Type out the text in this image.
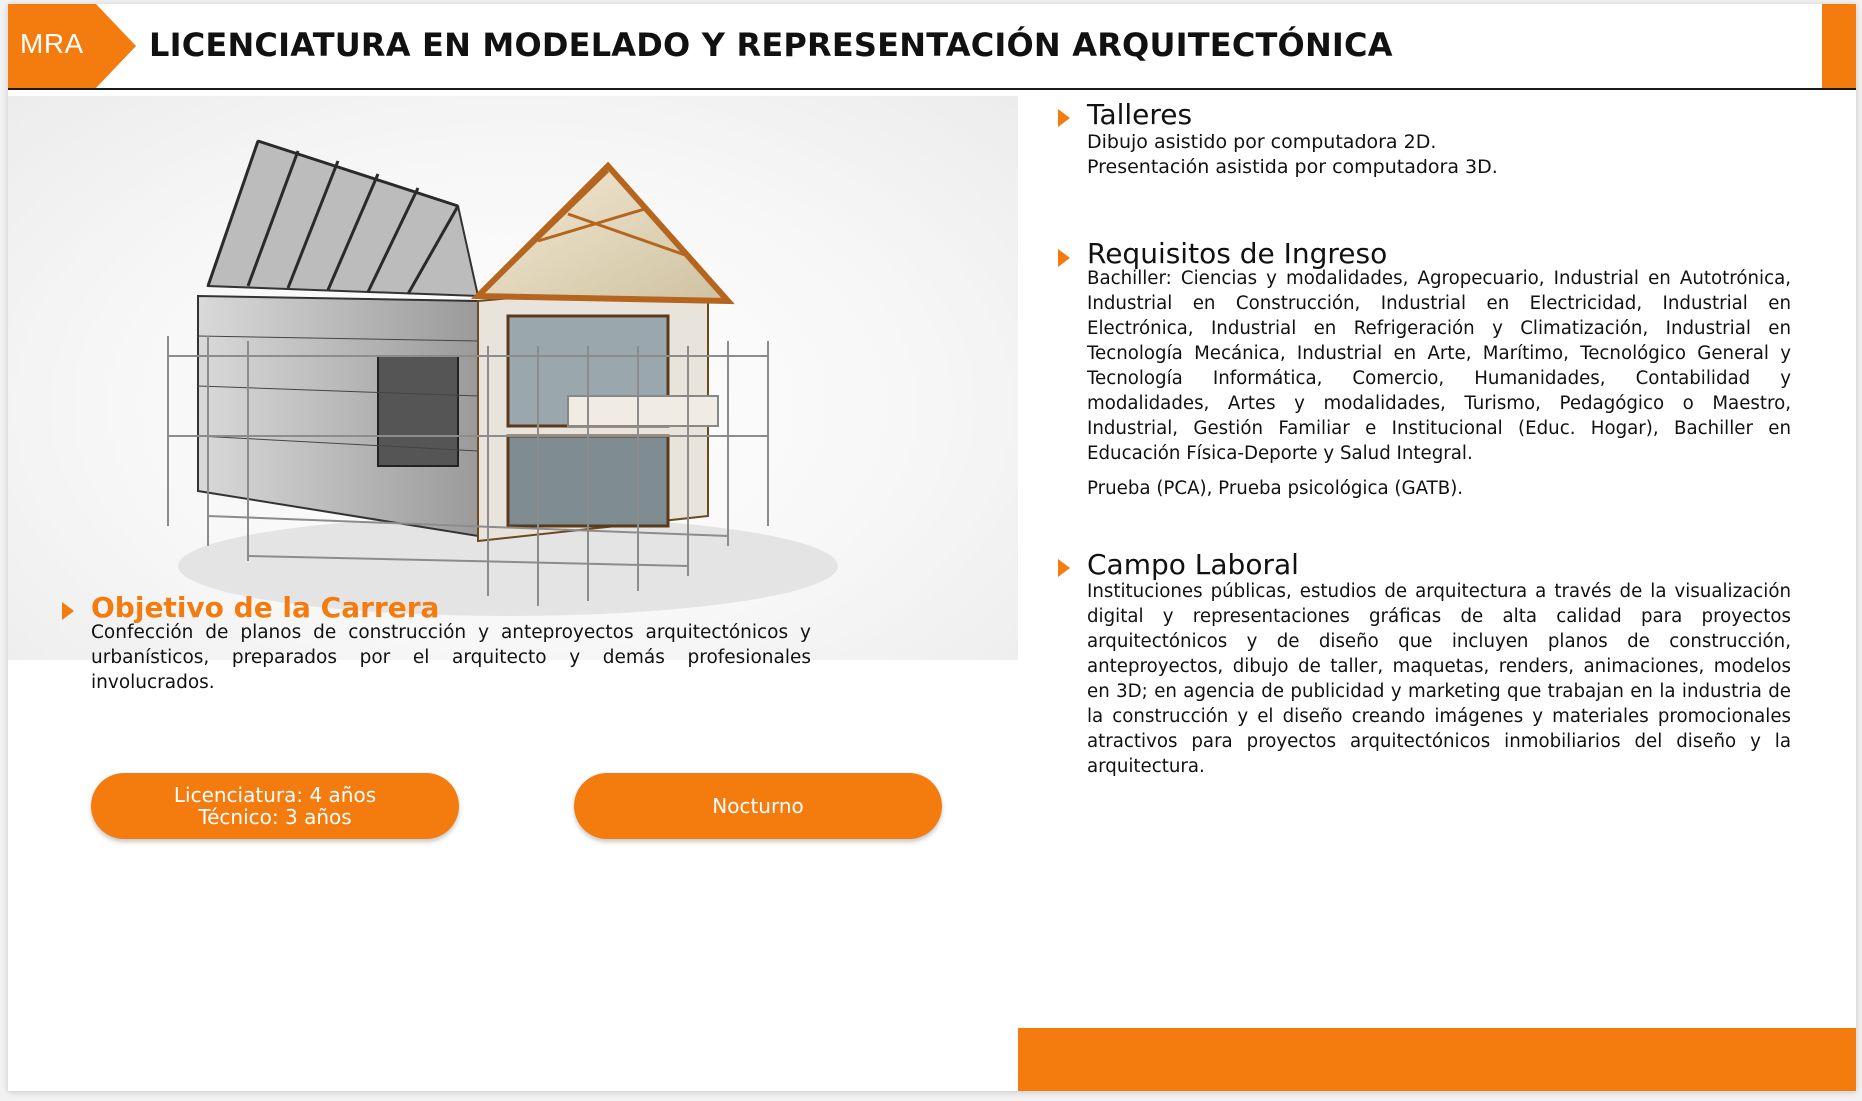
MRA LICENCIATURA EN MODELADO Y REPRESENTACIÓN ARQUITECTÓNICA
Objetivo de la Carrera
Confección de planos de construcción y anteproyectos arquitectónicos y urbanísticos, preparados por el arquitecto y demás profesionales involucrados.
Licenciatura: 4 años
Técnico: 3 años	Nocturno
Talleres
Dibujo asistido por computadora 2D.
Presentación asistida por computadora 3D.
Requisitos de Ingreso
Bachiller: Ciencias y modalidades, Agropecuario, Industrial en Autotrónica, Industrial en Construcción, Industrial en Electricidad, Industrial en Electrónica, Industrial en Refrigeración y Climatización, Industrial en Tecnología Mecánica, Industrial en Arte, Marítimo, Tecnológico General y Tecnología Informática, Comercio, Humanidades, Contabilidad y modalidades, Artes y modalidades, Turismo, Pedagógico o Maestro, Industrial, Gestión Familiar e Institucional (Educ. Hogar), Bachiller en Educación Física-Deporte y Salud Integral.
Prueba (PCA), Prueba psicológica (GATB).
Campo Laboral
Instituciones públicas, estudios de arquitectura a través de la visualización digital y representaciones gráficas de alta calidad para proyectos arquitectónicos y de diseño que incluyen planos de construcción, anteproyectos, dibujo de taller, maquetas, renders, animaciones, modelos en 3D; en agencia de publicidad y marketing que trabajan en la industria de la construcción y el diseño creando imágenes y materiales promocionales atractivos para proyectos arquitectónicos inmobiliarios del diseño y la arquitectura.
